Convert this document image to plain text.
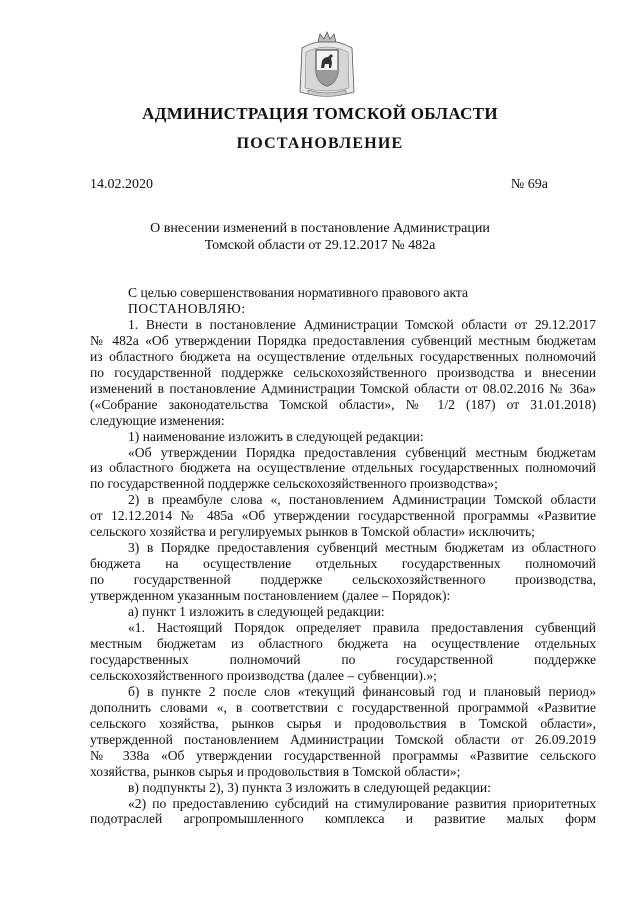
АДМИНИСТРАЦИЯ ТОМСКОЙ ОБЛАСТИ
ПОСТАНОВЛЕНИЕ
14.02.2020	№ 69а
О внесении изменений в постановление Администрации
Томской области от 29.12.2017 № 482а
С целью совершенствования нормативного правового акта
ПОСТАНОВЛЯЮ:
1. Внести в постановление Администрации Томской области от 29.12.2017
№ 482а «Об утверждении Порядка предоставления субвенций местным бюджетам
из областного бюджета на осуществление отдельных государственных полномочий
по государственной поддержке сельскохозяйственного производства и внесении
изменений в постановление Администрации Томской области от 08.02.2016 № 36а»
(«Собрание законодательства Томской области», № 1/2 (187) от 31.01.2018)
следующие изменения:
1) наименование изложить в следующей редакции:
«Об утверждении Порядка предоставления субвенций местным бюджетам
из областного бюджета на осуществление отдельных государственных полномочий
по государственной поддержке сельскохозяйственного производства»;
2) в преамбуле слова «, постановлением Администрации Томской области
от 12.12.2014 № 485а «Об утверждении государственной программы «Развитие
сельского хозяйства и регулируемых рынков в Томской области» исключить;
3) в Порядке предоставления субвенций местным бюджетам из областного
бюджета на осуществление отдельных государственных полномочий
по государственной поддержке сельскохозяйственного производства,
утвержденном указанным постановлением (далее – Порядок):
а) пункт 1 изложить в следующей редакции:
«1. Настоящий Порядок определяет правила предоставления субвенций
местным бюджетам из областного бюджета на осуществление отдельных
государственных полномочий по государственной поддержке
сельскохозяйственного производства (далее – субвенции).»;
б) в пункте 2 после слов «текущий финансовый год и плановый период»
дополнить словами «, в соответствии с государственной программой «Развитие
сельского хозяйства, рынков сырья и продовольствия в Томской области»,
утвержденной постановлением Администрации Томской области от 26.09.2019
№ 338а «Об утверждении государственной программы «Развитие сельского
хозяйства, рынков сырья и продовольствия в Томской области»;
в) подпункты 2), 3) пункта 3 изложить в следующей редакции:
«2) по предоставлению субсидий на стимулирование развития приоритетных
подотраслей агропромышленного комплекса и развитие малых форм
